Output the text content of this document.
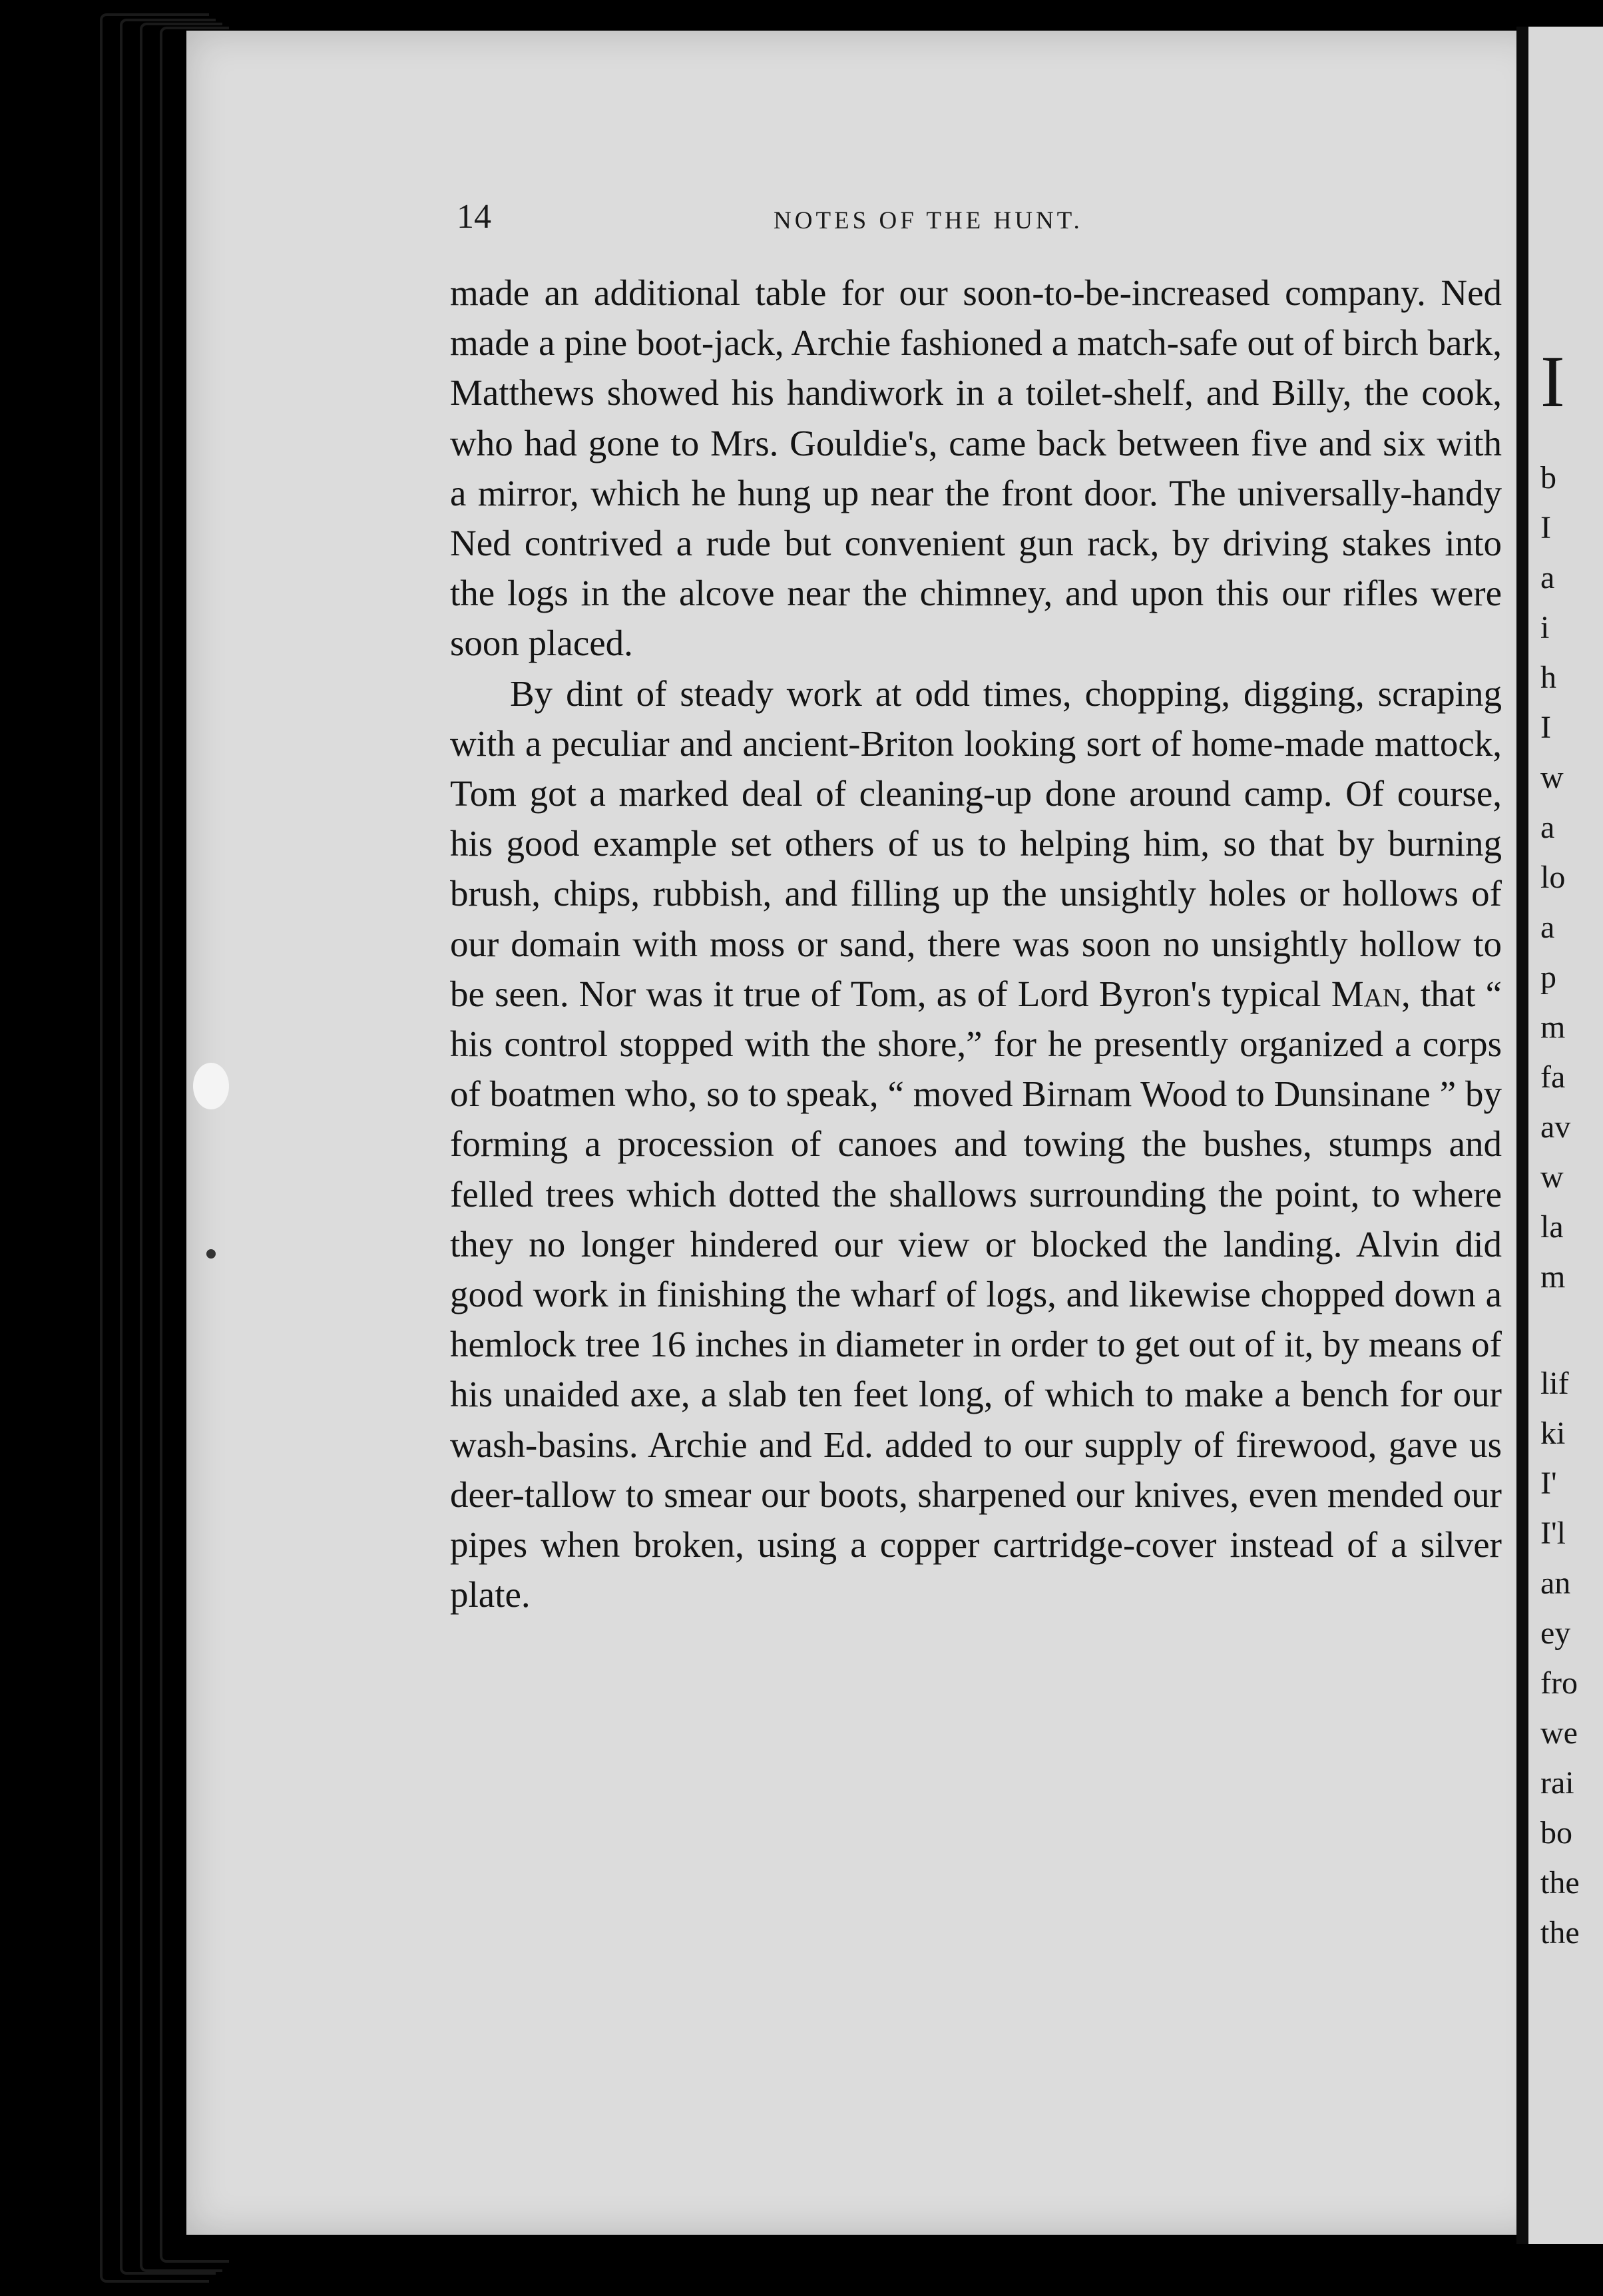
I
b
I
a
i
h
I
w
a
lo
a
p
m
fa
av
w
la
m
lif
ki
I'
I'l
an
ey
fro
we
rai
bo
the
the
14	NOTES OF THE HUNT.

made an additional table for our soon-to-be-increased company. Ned made a pine boot-jack, Archie fashioned a match-safe out of birch bark, Matthews showed his handiwork in a toilet-shelf, and Billy, the cook, who had gone to Mrs. Gouldie's, came back between five and six with a mirror, which he hung up near the front door. The universally-handy Ned contrived a rude but convenient gun rack, by driving stakes into the logs in the alcove near the chimney, and upon this our rifles were soon placed.

By dint of steady work at odd times, chopping, digging, scraping with a peculiar and ancient-Briton looking sort of home-made mattock, Tom got a marked deal of cleaning-up done around camp. Of course, his good example set others of us to helping him, so that by burning brush, chips, rubbish, and filling up the unsightly holes or hollows of our domain with moss or sand, there was soon no unsightly hollow to be seen. Nor was it true of Tom, as of Lord Byron's typical Man, that “ his control stopped with the shore,” for he presently organized a corps of boatmen who, so to speak, “ moved Birnam Wood to Dunsinane ” by forming a procession of canoes and towing the bushes, stumps and felled trees which dotted the shallows surrounding the point, to where they no longer hindered our view or blocked the landing. Alvin did good work in finishing the wharf of logs, and likewise chopped down a hemlock tree 16 inches in diameter in order to get out of it, by means of his unaided axe, a slab ten feet long, of which to make a bench for our wash-basins. Archie and Ed. added to our supply of firewood, gave us deer-tallow to smear our boots, sharpened our knives, even mended our pipes when broken, using a copper cartridge-cover instead of a silver plate.
